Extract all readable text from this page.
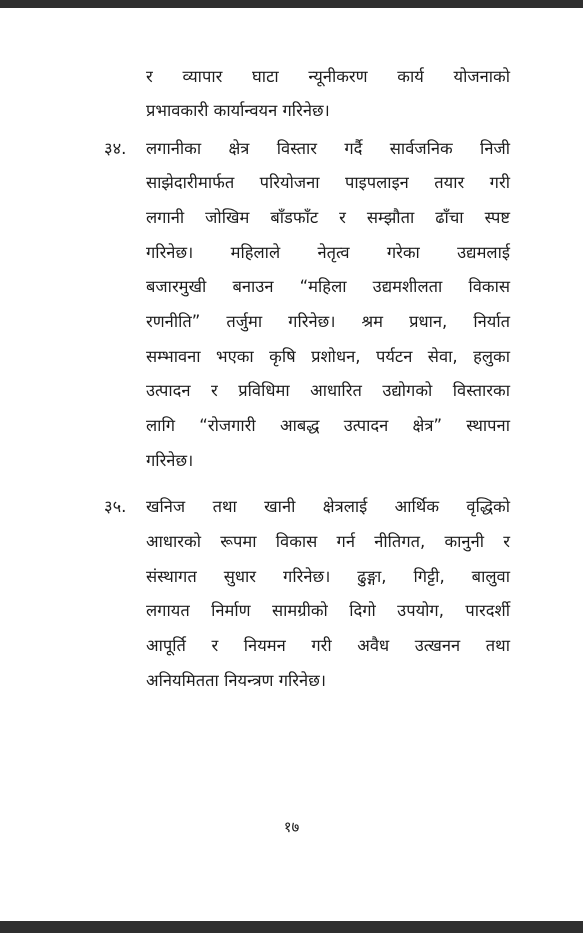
र व्यापार घाटा न्यूनीकरण कार्य योजनाको
प्रभावकारी कार्यान्वयन गरिनेछ।
३४. लगानीका क्षेत्र विस्तार गर्दै सार्वजनिक निजी
साझेदारीमार्फत परियोजना पाइपलाइन तयार गरी
लगानी जोखिम बाँडफाँट र सम्झौता ढाँचा स्पष्ट
गरिनेछ। महिलाले नेतृत्व गरेका उद्यमलाई
बजारमुखी बनाउन “महिला उद्यमशीलता विकास
रणनीति” तर्जुमा गरिनेछ। श्रम प्रधान, निर्यात
सम्भावना भएका कृषि प्रशोधन, पर्यटन सेवा, हलुका
उत्पादन र प्रविधिमा आधारित उद्योगको विस्तारका
लागि “रोजगारी आबद्ध उत्पादन क्षेत्र” स्थापना
गरिनेछ।
३५. खनिज तथा खानी क्षेत्रलाई आर्थिक वृद्धिको
आधारको रूपमा विकास गर्न नीतिगत, कानुनी र
संस्थागत सुधार गरिनेछ। ढुङ्गा, गिट्टी, बालुवा
लगायत निर्माण सामग्रीको दिगो उपयोग, पारदर्शी
आपूर्ति र नियमन गरी अवैध उत्खनन तथा
अनियमितता नियन्त्रण गरिनेछ।
१७
